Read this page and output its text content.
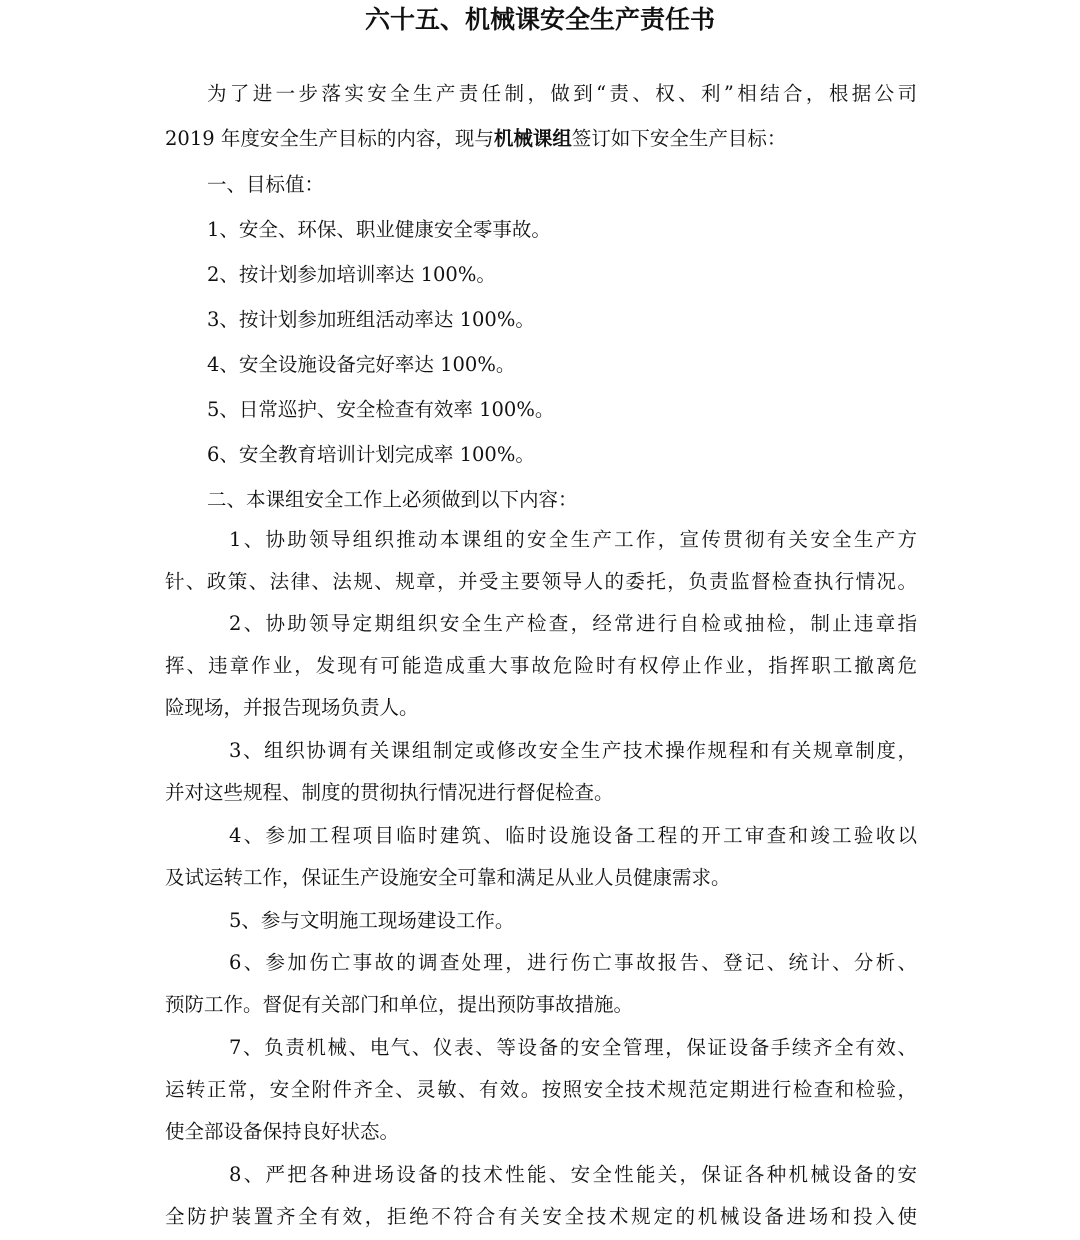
六十五、机械课安全生产责任书
为了进一步落实安全生产责任制，做到“责、权、利”相结合，根据公司
2019 年度安全生产目标的内容，现与机械课组签订如下安全生产目标：
一、目标值：
1、安全、环保、职业健康安全零事故。
2、按计划参加培训率达 100%。
3、按计划参加班组活动率达 100%。
4、安全设施设备完好率达 100%。
5、日常巡护、安全检查有效率 100%。
6、安全教育培训计划完成率 100%。
二、本课组安全工作上必须做到以下内容：
1、协助领导组织推动本课组的安全生产工作，宣传贯彻有关安全生产方
针、政策、法律、法规、规章，并受主要领导人的委托，负责监督检查执行情况。
2、协助领导定期组织安全生产检查，经常进行自检或抽检，制止违章指
挥、违章作业，发现有可能造成重大事故危险时有权停止作业，指挥职工撤离危
险现场，并报告现场负责人。
3、组织协调有关课组制定或修改安全生产技术操作规程和有关规章制度，
并对这些规程、制度的贯彻执行情况进行督促检查。
4、参加工程项目临时建筑、临时设施设备工程的开工审查和竣工验收以
及试运转工作，保证生产设施安全可靠和满足从业人员健康需求。
5、参与文明施工现场建设工作。
6、参加伤亡事故的调查处理，进行伤亡事故报告、登记、统计、分析、
预防工作。督促有关部门和单位，提出预防事故措施。
7、负责机械、电气、仪表、等设备的安全管理，保证设备手续齐全有效、
运转正常，安全附件齐全、灵敏、有效。按照安全技术规范定期进行检查和检验，
使全部设备保持良好状态。
8、严把各种进场设备的技术性能、安全性能关，保证各种机械设备的安
全防护装置齐全有效，拒绝不符合有关安全技术规定的机械设备进场和投入使
